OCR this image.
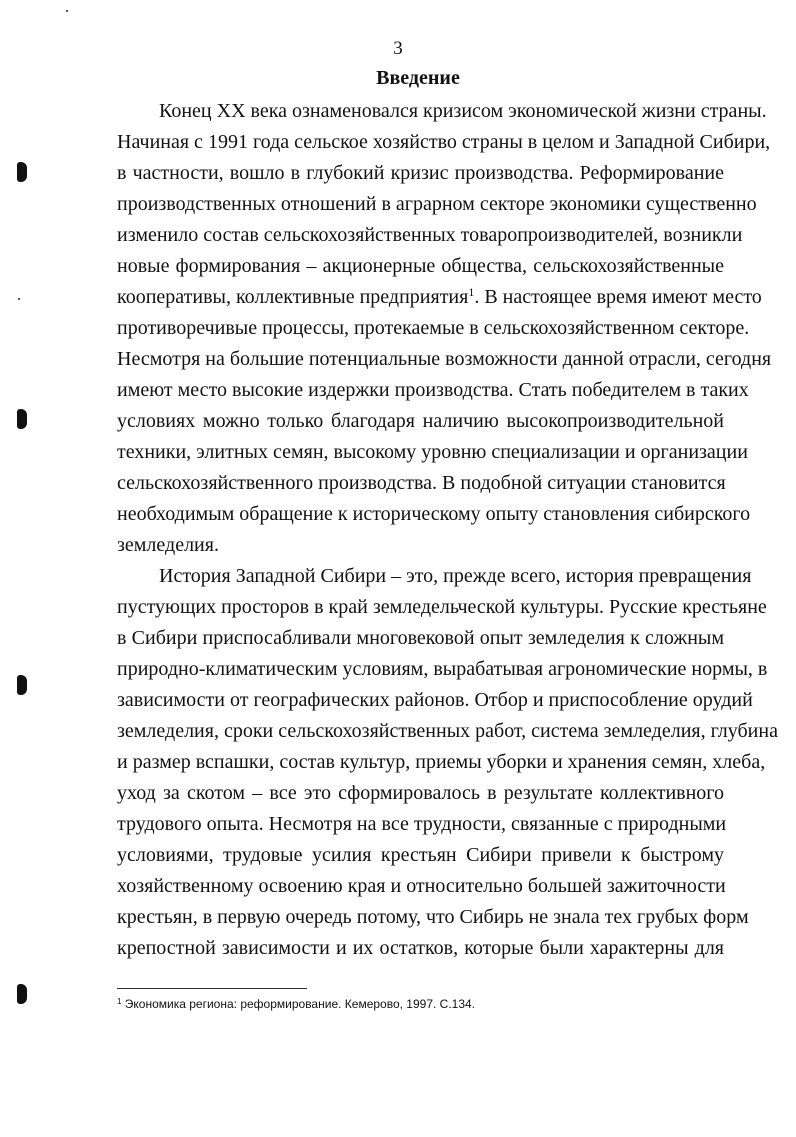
3
Введение
Конец XX века ознаменовался кризисом экономической жизни страны.
Начиная с 1991 года сельское хозяйство страны в целом и Западной Сибири,
в частности, вошло в глубокий кризис производства. Реформирование
производственных отношений в аграрном секторе экономики существенно
изменило состав сельскохозяйственных товаропроизводителей, возникли
новые формирования – акционерные общества, сельскохозяйственные
кооперативы, коллективные предприятия$^1$. В настоящее время имеют место
противоречивые процессы, протекаемые в сельскохозяйственном секторе.
Несмотря на большие потенциальные возможности данной отрасли, сегодня
имеют место высокие издержки производства. Стать победителем в таких
условиях можно только благодаря наличию высокопроизводительной
техники, элитных семян, высокому уровню специализации и организации
сельскохозяйственного производства. В подобной ситуации становится
необходимым обращение к историческому опыту становления сибирского
земледелия.
История Западной Сибири – это, прежде всего, история превращения
пустующих просторов в край земледельческой культуры. Русские крестьяне
в Сибири приспосабливали многовековой опыт земледелия к сложным
природно-климатическим условиям, вырабатывая агрономические нормы, в
зависимости от географических районов. Отбор и приспособление орудий
земледелия, сроки сельскохозяйственных работ, система земледелия, глубина
и размер вспашки, состав культур, приемы уборки и хранения семян, хлеба,
уход за скотом – все это сформировалось в результате коллективного
трудового опыта. Несмотря на все трудности, связанные с природными
условиями, трудовые усилия крестьян Сибири привели к быстрому
хозяйственному освоению края и относительно большей зажиточности
крестьян, в первую очередь потому, что Сибирь не знала тех грубых форм
крепостной зависимости и их остатков, которые были характерны для
$^1$ Экономика региона: реформирование. Кемерово, 1997. С.134.
